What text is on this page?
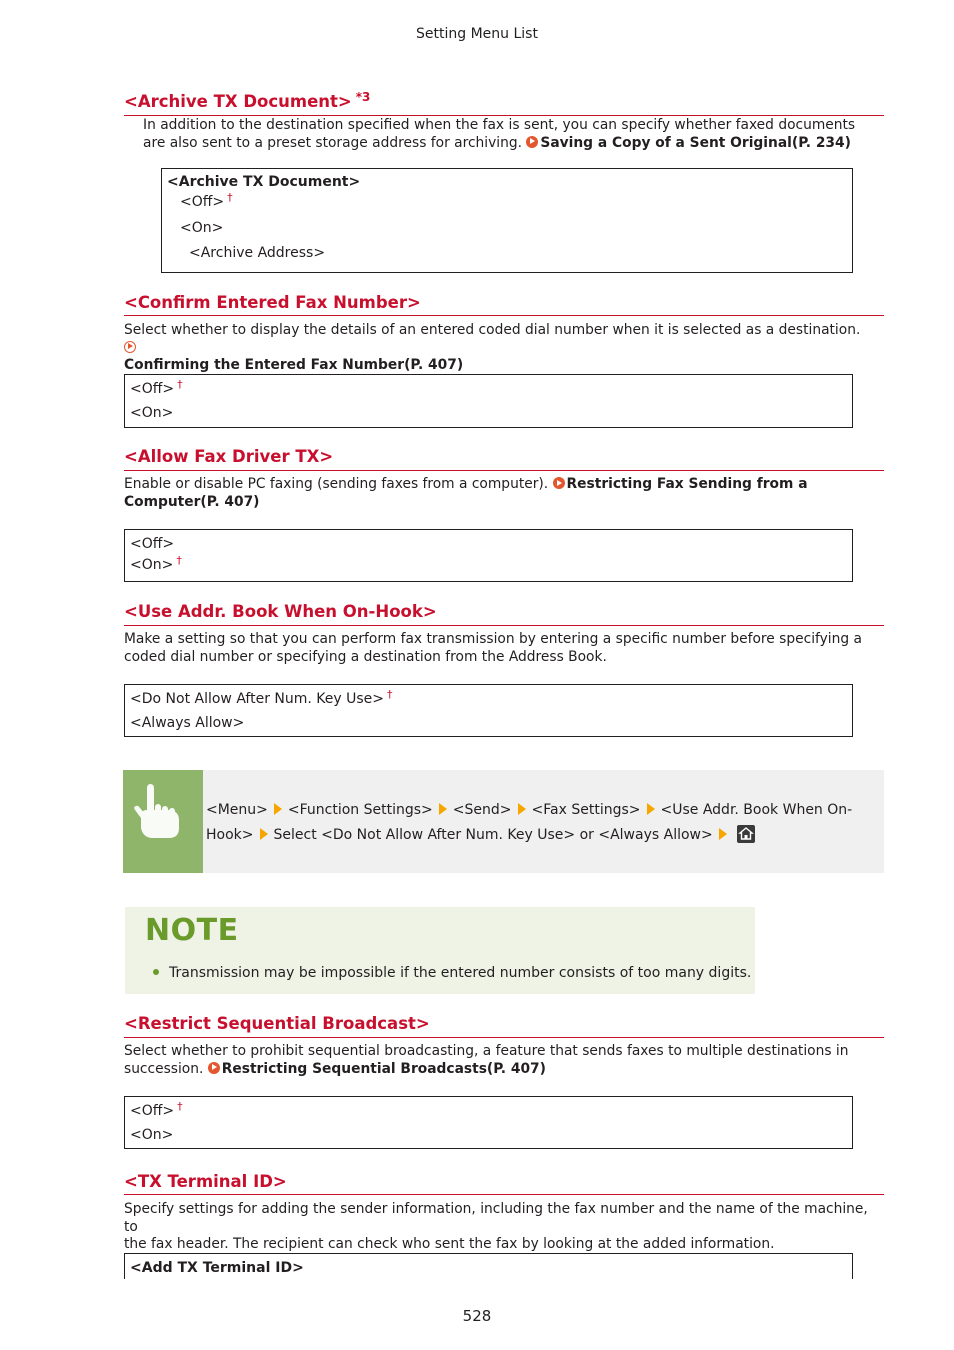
Setting Menu List
<Archive TX Document> $^{*3}$
In addition to the destination specified when the fax is sent, you can specify whether faxed documents are also sent to a preset storage address for archiving. Saving a Copy of a Sent Original(P. 234)
<Archive TX Document>
<Off> †
<On>
<Archive Address>
<Confirm Entered Fax Number>
Select whether to display the details of an entered coded dial number when it is selected as a destination.
Confirming the Entered Fax Number(P. 407)
<Off> †
<On>
<Allow Fax Driver TX>
Enable or disable PC faxing (sending faxes from a computer). Restricting Fax Sending from a
Computer(P. 407)
<Off>
<On> †
<Use Addr. Book When On-Hook>
Make a setting so that you can perform fax transmission by entering a specific number before specifying a
coded dial number or specifying a destination from the Address Book.
<Do Not Allow After Num. Key Use> †
<Always Allow>
<Menu> <Function Settings> <Send> <Fax Settings> <Use Addr. Book When On-
Hook> Select <Do Not Allow After Num. Key Use> or <Always Allow>
NOTE
Transmission may be impossible if the entered number consists of too many digits.
<Restrict Sequential Broadcast>
Select whether to prohibit sequential broadcasting, a feature that sends faxes to multiple destinations in
succession. Restricting Sequential Broadcasts(P. 407)
<Off> †
<On>
<TX Terminal ID>
Specify settings for adding the sender information, including the fax number and the name of the machine, to
the fax header. The recipient can check who sent the fax by looking at the added information.
<Add TX Terminal ID>
528
